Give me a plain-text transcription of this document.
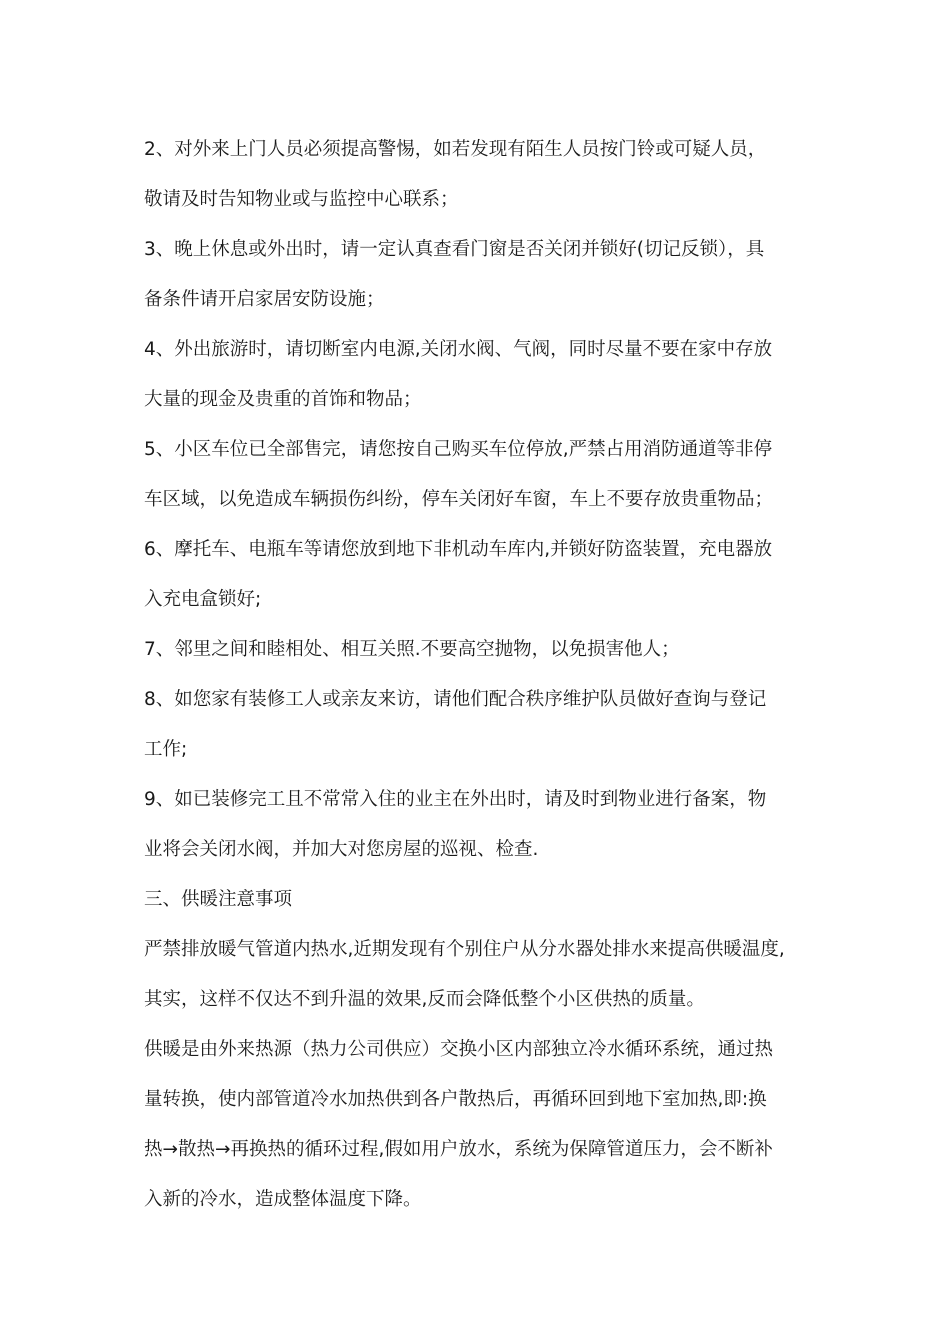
2、对外来上门人员必须提高警惕，如若发现有陌生人员按门铃或可疑人员，

敬请及时告知物业或与监控中心联系；

3、晚上休息或外出时，请一定认真查看门窗是否关闭并锁好(切记反锁），具

备条件请开启家居安防设施；

4、外出旅游时，请切断室内电源,关闭水阀、气阀，同时尽量不要在家中存放

大量的现金及贵重的首饰和物品；

5、小区车位已全部售完，请您按自己购买车位停放,严禁占用消防通道等非停

车区域，以免造成车辆损伤纠纷，停车关闭好车窗，车上不要存放贵重物品；

6、摩托车、电瓶车等请您放到地下非机动车库内,并锁好防盗装置，充电器放

入充电盒锁好;

7、邻里之间和睦相处、相互关照.不要高空抛物，以免损害他人；

8、如您家有装修工人或亲友来访，请他们配合秩序维护队员做好查询与登记

工作;

9、如已装修完工且不常常入住的业主在外出时，请及时到物业进行备案，物

业将会关闭水阀，并加大对您房屋的巡视、检查.

三、供暖注意事项

严禁排放暖气管道内热水,近期发现有个别住户从分水器处排水来提高供暖温度,

其实，这样不仅达不到升温的效果,反而会降低整个小区供热的质量。

供暖是由外来热源（热力公司供应）交换小区内部独立冷水循环系统，通过热

量转换，使内部管道冷水加热供到各户散热后，再循环回到地下室加热,即:换

热→散热→再换热的循环过程,假如用户放水，系统为保障管道压力，会不断补

入新的冷水，造成整体温度下降。
